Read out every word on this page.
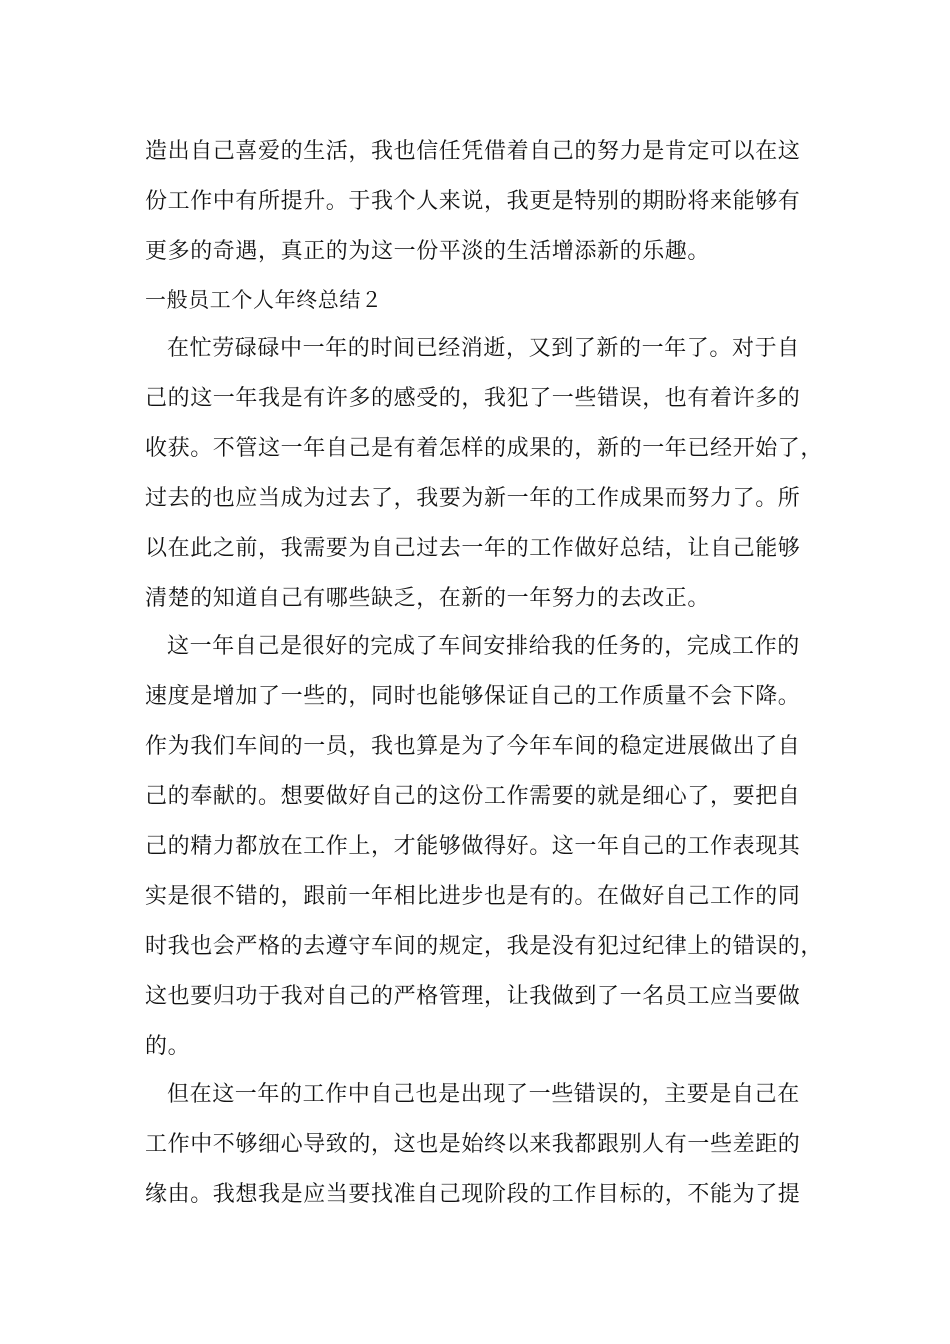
造出自己喜爱的生活，我也信任凭借着自己的努力是肯定可以在这
份工作中有所提升。于我个人来说，我更是特别的期盼将来能够有
更多的奇遇，真正的为这一份平淡的生活增添新的乐趣。
一般员工个人年终总结２
在忙劳碌碌中一年的时间已经消逝，又到了新的一年了。对于自
己的这一年我是有许多的感受的，我犯了一些错误，也有着许多的
收获。不管这一年自己是有着怎样的成果的，新的一年已经开始了，
过去的也应当成为过去了，我要为新一年的工作成果而努力了。所
以在此之前，我需要为自己过去一年的工作做好总结，让自己能够
清楚的知道自己有哪些缺乏，在新的一年努力的去改正。
这一年自己是很好的完成了车间安排给我的任务的，完成工作的
速度是增加了一些的，同时也能够保证自己的工作质量不会下降。
作为我们车间的一员，我也算是为了今年车间的稳定进展做出了自
己的奉献的。想要做好自己的这份工作需要的就是细心了，要把自
己的精力都放在工作上，才能够做得好。这一年自己的工作表现其
实是很不错的，跟前一年相比进步也是有的。在做好自己工作的同
时我也会严格的去遵守车间的规定，我是没有犯过纪律上的错误的，
这也要归功于我对自己的严格管理，让我做到了一名员工应当要做
的。
但在这一年的工作中自己也是出现了一些错误的，主要是自己在
工作中不够细心导致的，这也是始终以来我都跟别人有一些差距的
缘由。我想我是应当要找准自己现阶段的工作目标的，不能为了提
